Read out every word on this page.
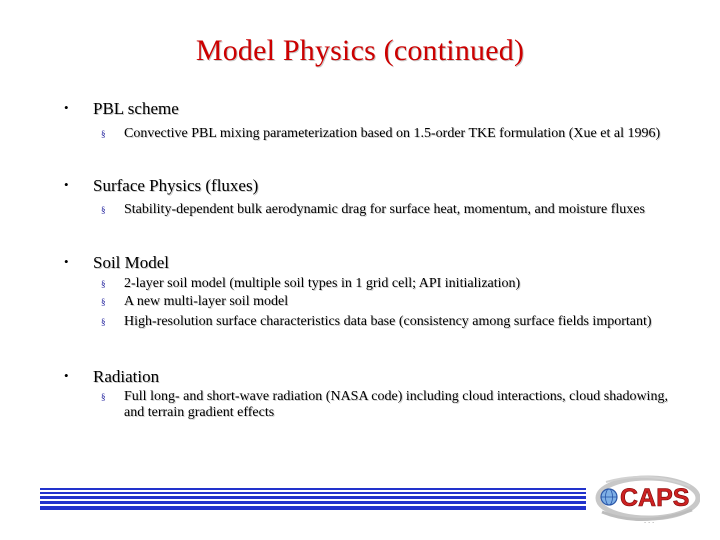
Model Physics (continued)
• PBL scheme
§ Convective PBL mixing parameterization based on 1.5-order TKE formulation (Xue et al 1996)
• Surface Physics (fluxes)
§ Stability-dependent bulk aerodynamic drag for surface heat, momentum, and moisture fluxes
• Soil Model
§ 2-layer soil model (multiple soil types in 1 grid cell; API initialization)
§ A new multi-layer soil model
§ High-resolution surface characteristics data base (consistency among surface fields important)
• Radiation
§ Full long- and short-wave radiation (NASA code) including cloud interactions, cloud shadowing, and terrain gradient effects
CAPS
- - -
